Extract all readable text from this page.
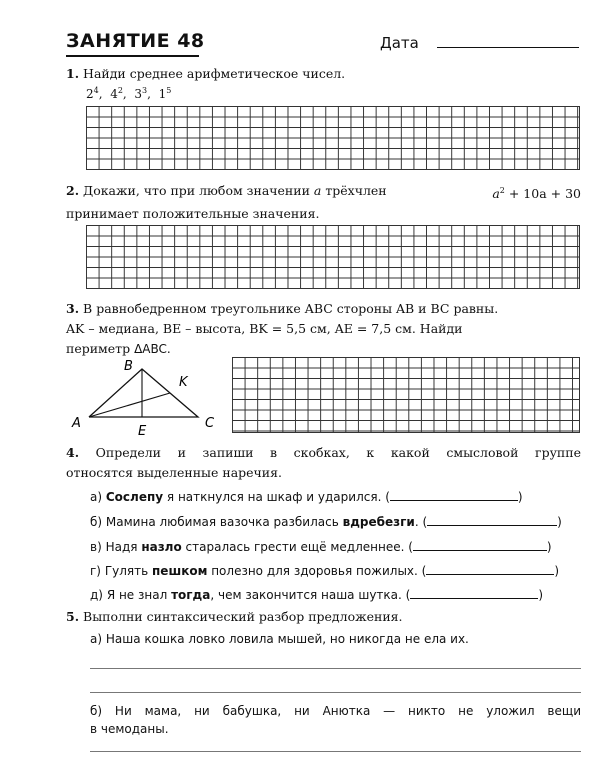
ЗАНЯТИЕ 48	Дата
1. Найди среднее арифметическое чисел.
$2^4$,  $4^2$,  $3^3$,  $1^5$
2. Докажи, что при любом значении a трёхчлен	$a^2 + 10a + 30$
принимает положительные значения.
3. В равнобедренном треугольнике ABC стороны AB и BC равны.
AK – медиана, BE – высота, BK = 5,5 см, AE = 7,5 см. Найди
периметр ΔABC.
B
K
A	C
E
4. Определи и запиши в скобках, к какой смысловой группе
относятся выделенные наречия.
а) Сослепу я наткнулся на шкаф и ударился. (	)
б) Мамина любимая вазочка разбилась вдребезги. (	)
в) Надя назло старалась грести ещё медленнее. (	)
г) Гулять пешком полезно для здоровья пожилых. (	)
д) Я не знал тогда, чем закончится наша шутка. (	)
5. Выполни синтаксический разбор предложения.
а) Наша кошка ловко ловила мышей, но никогда не ела их.
б) Ни мама, ни бабушка, ни Анютка — никто не уложил вещи
в чемоданы.
